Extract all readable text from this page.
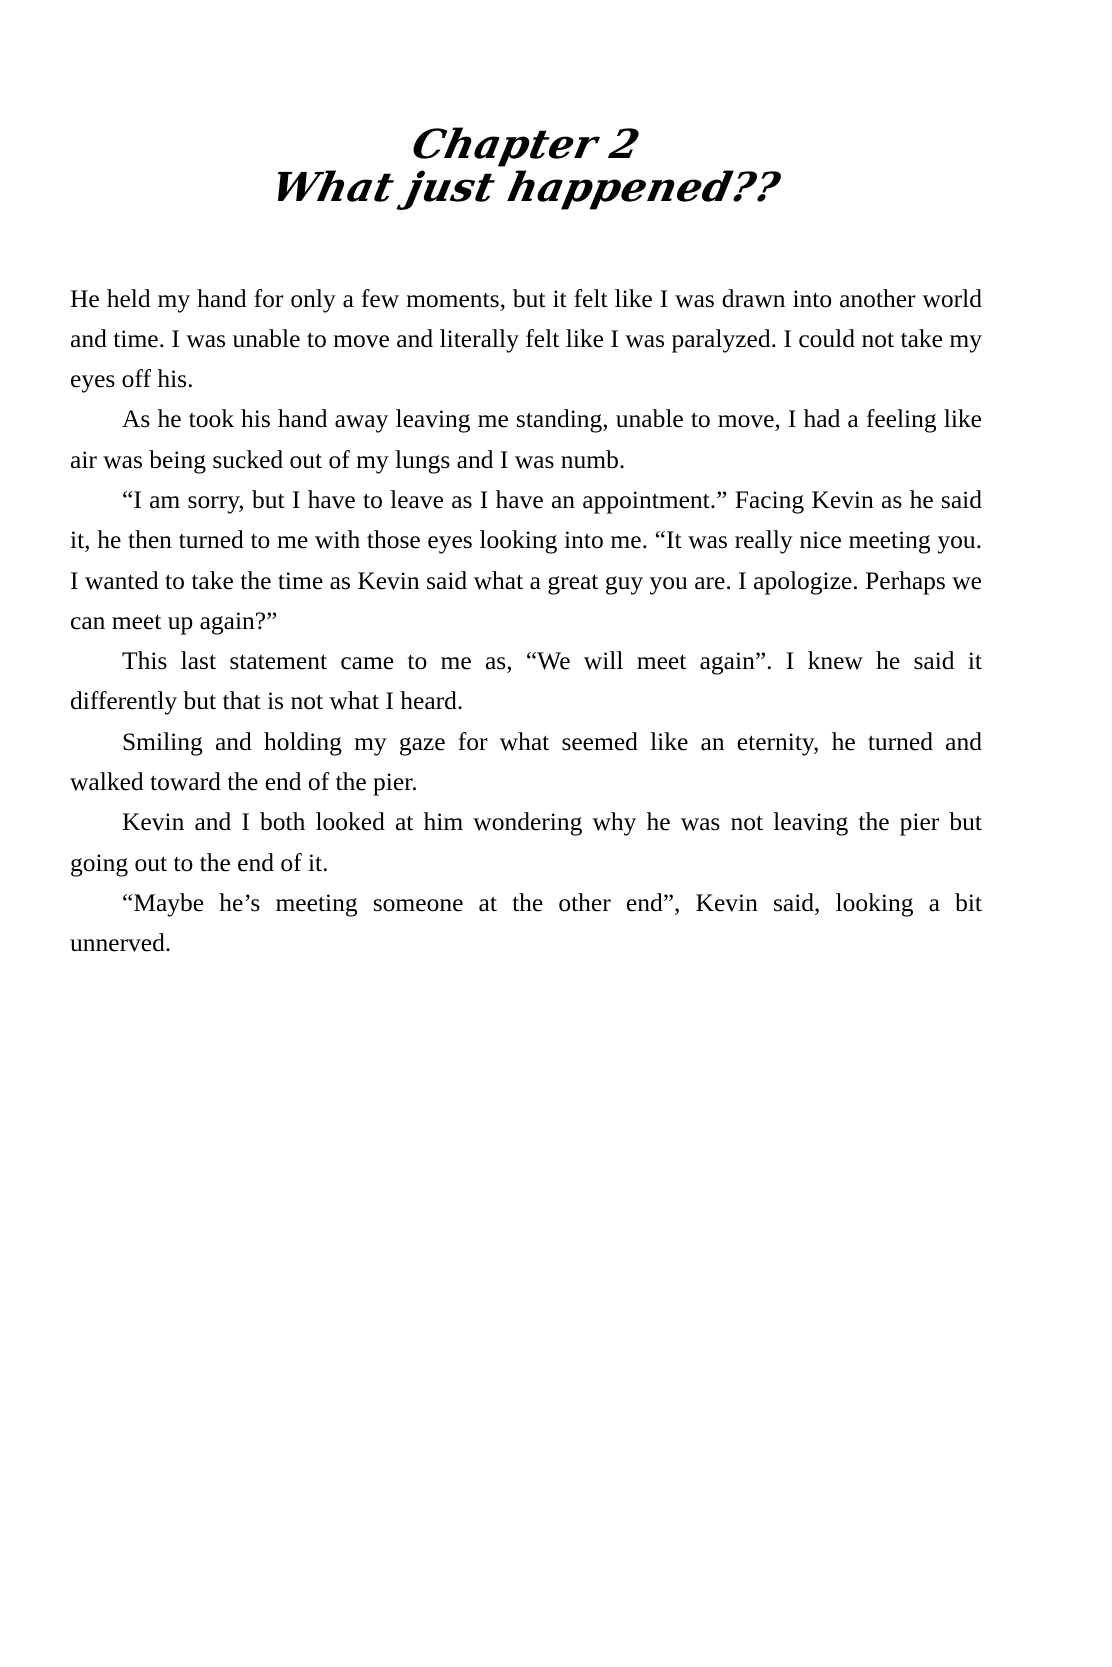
Chapter 2
What just happened??

He held my hand for only a few moments, but it felt like I was drawn into another world and time. I was unable to move and literally felt like I was paralyzed. I could not take my eyes off his.

As he took his hand away leaving me standing, unable to move, I had a feeling like air was being sucked out of my lungs and I was numb.

“I am sorry, but I have to leave as I have an appointment.” Facing Kevin as he said it, he then turned to me with those eyes looking into me. “It was really nice meeting you. I wanted to take the time as Kevin said what a great guy you are. I apologize. Perhaps we can meet up again?”

This last statement came to me as, “We will meet again”. I knew he said it differently but that is not what I heard.

Smiling and holding my gaze for what seemed like an eternity, he turned and walked toward the end of the pier.

Kevin and I both looked at him wondering why he was not leaving the pier but going out to the end of it.

“Maybe he’s meeting someone at the other end”, Kevin said, looking a bit unnerved.
